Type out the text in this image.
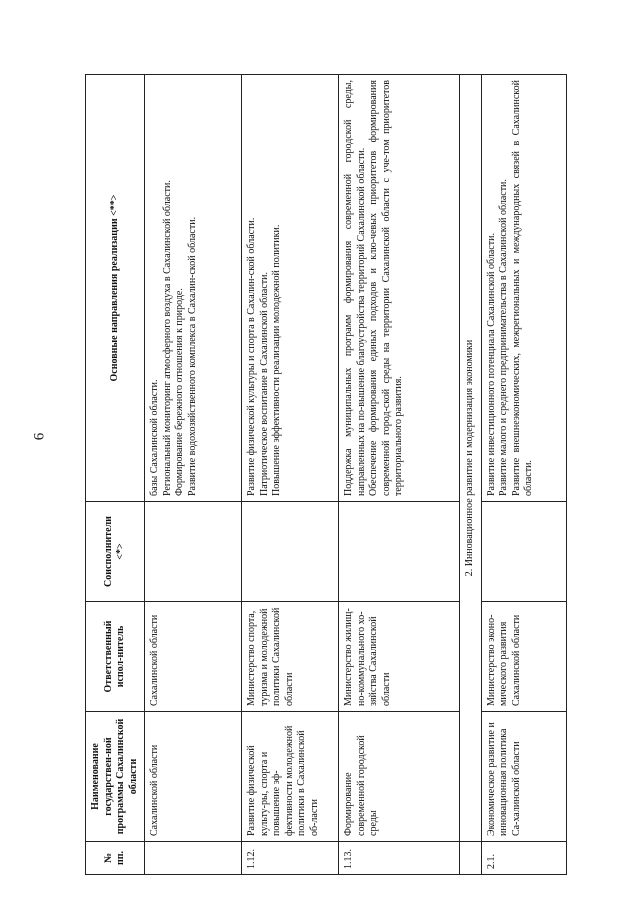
6
№ пп.	Наименование государствен-ной программы Сахалинской области	Ответственный испол-нитель	Соисполнители <*>	Основные направления реализации <**>
	Сахалинской области	Сахалинской области		базы Сахалинской области. Региональный мониторинг атмосферного воздуха в Сахалинской области. Формирование бережного отношения к природе. Развитие водохозяйственного комплекса в Сахалин-ской области.

1.12.	Развитие физической культу-ры, спорта и повышение эф-фективности молодежной политики в Сахалинской об-ласти	Министерство спорта, туризма и молодежной политики Сахалинской области		Развитие физической культуры и спорта в Сахалин-ской области. Патриотическое воспитание в Сахалинской области. Повышение эффективности реализации молодежной политики.

1.13.	Формирование современной городской среды	Министерство жилищ-но-коммунального хо-зяйства Сахалинской области		Поддержка муниципальных программ формирования современной городской среды, направленных на по-вышение благоустройства территорий Сахалинской области. Обеспечение формирования единых подходов и клю-чевых приоритетов формирования современной город-ской среды на территории Сахалинской области с уче-том приоритетов территориального развития.

	2. Инновационное развитие и модернизация экономики			
2.1.	Экономическое развитие и инновационная политика Са-халинской области	Министерство эконо-мического развития Сахалинской области		Развитие инвестиционного потенциала Сахалинской области. Развитие малого и среднего предпринимательства в Сахалинской области. Развитие внешнеэкономических, межрегиональных и международных связей в Сахалинской области.
